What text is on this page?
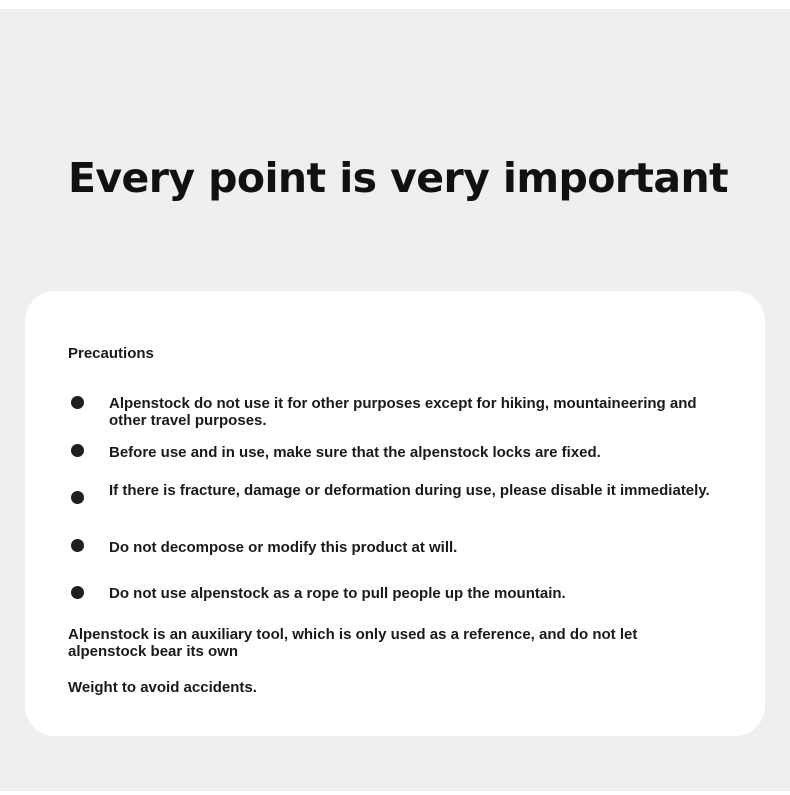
Every point is very important
Precautions
Alpenstock do not use it for other purposes except for hiking, mountaineering and other travel purposes.
Before use and in use, make sure that the alpenstock locks are fixed.
If there is fracture, damage or deformation during use, please disable it immediately.
Do not decompose or modify this product at will.
Do not use alpenstock as a rope to pull people up the mountain.
Alpenstock is an auxiliary tool, which is only used as a reference, and do not let alpenstock bear its own
Weight to avoid accidents.
